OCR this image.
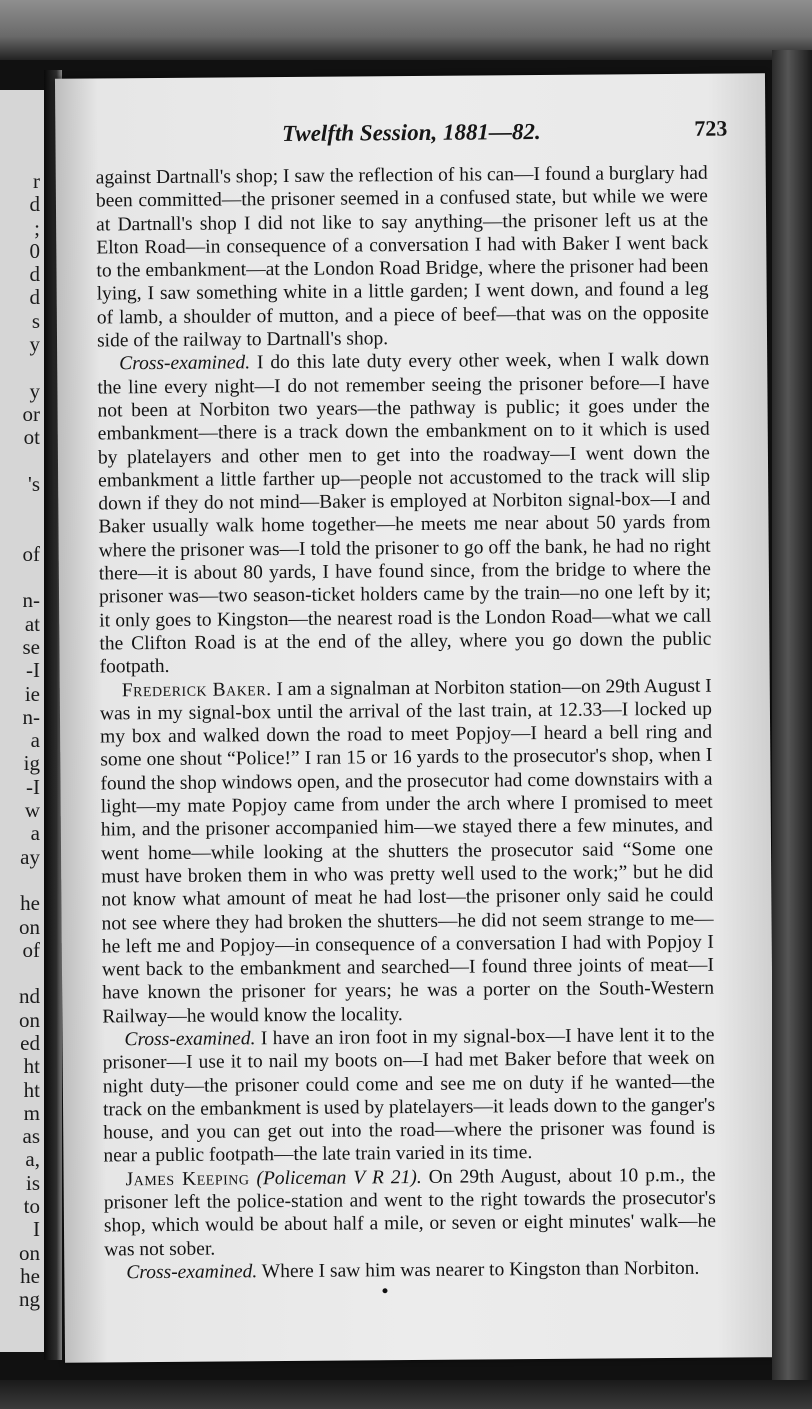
r
d
;
0
d
d
s
y
y
or
ot
's
of
n-
at
se
-I
ie
n-
a
ig
-I
w
a
ay
he
on
of
nd
on
ed
ht
ht
m
as
a,
is
to
I
on
he
ng
Twelfth Session, 1881—82.	723

against Dartnall's shop; I saw the reflection of his can—I found a burglary had been committed—the prisoner seemed in a confused state, but while we were at Dartnall's shop I did not like to say anything—the prisoner left us at the Elton Road—in consequence of a conversation I had with Baker I went back to the embankment—at the London Road Bridge, where the prisoner had been lying, I saw something white in a little garden; I went down, and found a leg of lamb, a shoulder of mutton, and a piece of beef—that was on the opposite side of the railway to Dartnall's shop.

Cross-examined. I do this late duty every other week, when I walk down the line every night—I do not remember seeing the prisoner before—I have not been at Norbiton two years—the pathway is public; it goes under the embankment—there is a track down the embankment on to it which is used by platelayers and other men to get into the roadway—I went down the embankment a little farther up—people not accustomed to the track will slip down if they do not mind—Baker is employed at Norbiton signal-box—I and Baker usually walk home together—he meets me near about 50 yards from where the prisoner was—I told the prisoner to go off the bank, he had no right there—it is about 80 yards, I have found since, from the bridge to where the prisoner was—two season-ticket holders came by the train—no one left by it; it only goes to Kingston—the nearest road is the London Road—what we call the Clifton Road is at the end of the alley, where you go down the public footpath.

Frederick Baker. I am a signalman at Norbiton station—on 29th August I was in my signal-box until the arrival of the last train, at 12.33—I locked up my box and walked down the road to meet Popjoy—I heard a bell ring and some one shout “Police!” I ran 15 or 16 yards to the prosecutor's shop, when I found the shop windows open, and the prosecutor had come downstairs with a light—my mate Popjoy came from under the arch where I promised to meet him, and the prisoner accompanied him—we stayed there a few minutes, and went home—while looking at the shutters the prosecutor said “Some one must have broken them in who was pretty well used to the work;” but he did not know what amount of meat he had lost—the prisoner only said he could not see where they had broken the shutters—he did not seem strange to me—he left me and Popjoy—in consequence of a conversation I had with Popjoy I went back to the embankment and searched—I found three joints of meat—I have known the prisoner for years; he was a porter on the South-Western Railway—he would know the locality.

Cross-examined. I have an iron foot in my signal-box—I have lent it to the prisoner—I use it to nail my boots on—I had met Baker before that week on night duty—the prisoner could come and see me on duty if he wanted—the track on the embankment is used by platelayers—it leads down to the ganger's house, and you can get out into the road—where the prisoner was found is near a public footpath—the late train varied in its time.

James Keeping (Policeman V R 21). On 29th August, about 10 p.m., the prisoner left the police-station and went to the right towards the prosecutor's shop, which would be about half a mile, or seven or eight minutes' walk—he was not sober.

Cross-examined. Where I saw him was nearer to Kingston than Norbiton.
